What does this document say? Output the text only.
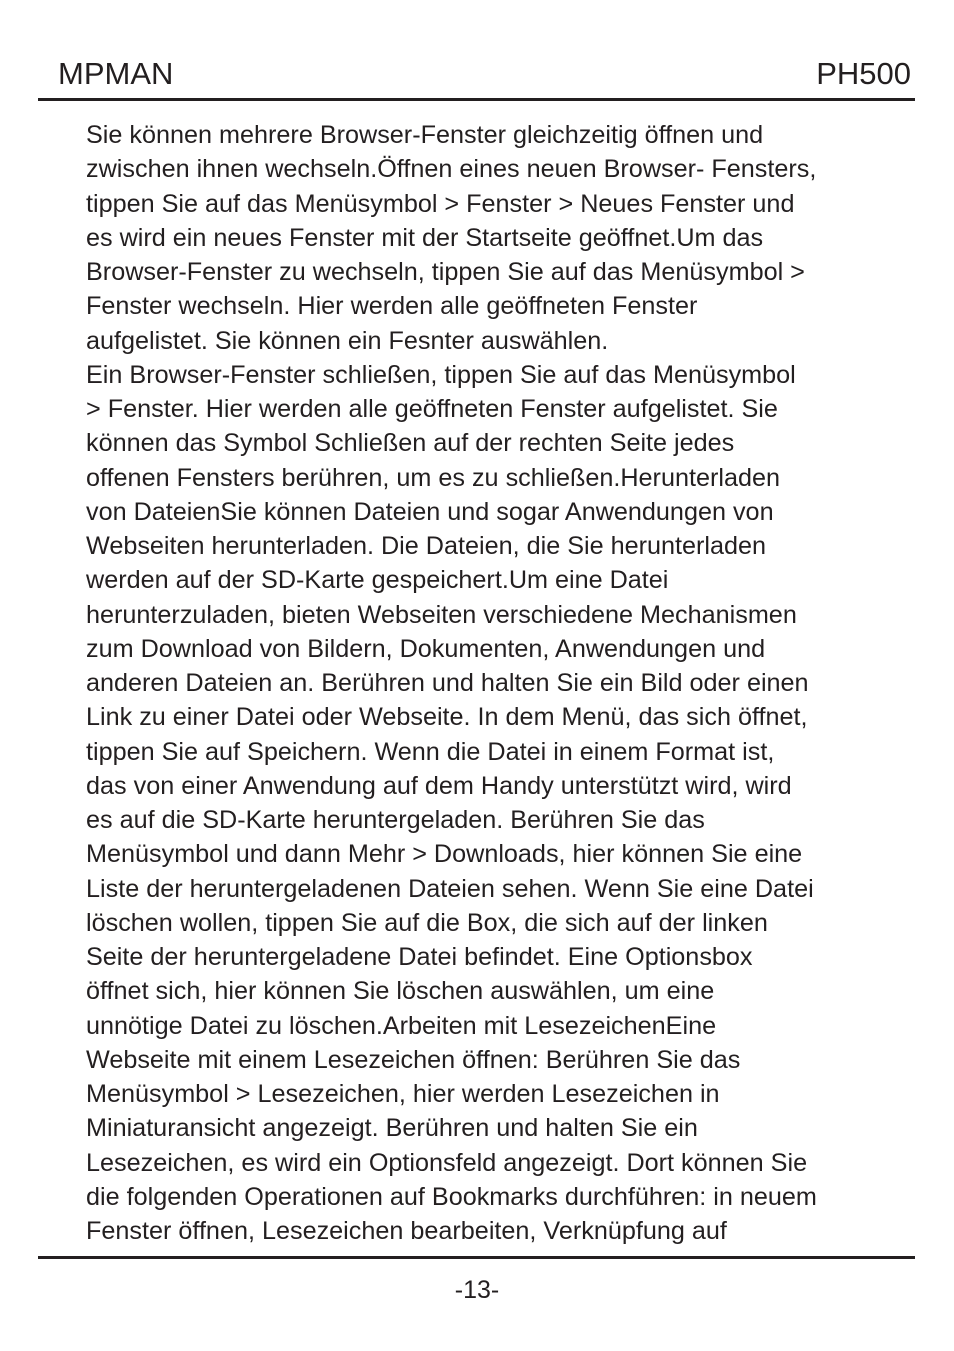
MPMAN	PH500
Sie können mehrere Browser-Fenster gleichzeitig öffnen und
zwischen ihnen wechseln.Öffnen eines neuen Browser- Fensters,
tippen Sie auf das Menüsymbol > Fenster > Neues Fenster und
es wird ein neues Fenster mit der Startseite geöffnet.Um das
Browser-Fenster zu wechseln, tippen Sie auf das Menüsymbol >
Fenster wechseln. Hier werden alle geöffneten Fenster
aufgelistet. Sie können ein Fesnter auswählen.
Ein Browser-Fenster schließen, tippen Sie auf das Menüsymbol
> Fenster. Hier werden alle geöffneten Fenster aufgelistet. Sie
können das Symbol Schließen auf der rechten Seite jedes
offenen Fensters berühren, um es zu schließen.Herunterladen
von DateienSie können Dateien und sogar Anwendungen von
Webseiten herunterladen. Die Dateien, die Sie herunterladen
werden auf der SD-Karte gespeichert.Um eine Datei
herunterzuladen, bieten Webseiten verschiedene Mechanismen
zum Download von Bildern, Dokumenten, Anwendungen und
anderen Dateien an. Berühren und halten Sie ein Bild oder einen
Link zu einer Datei oder Webseite. In dem Menü, das sich öffnet,
tippen Sie auf Speichern. Wenn die Datei in einem Format ist,
das von einer Anwendung auf dem Handy unterstützt wird, wird
es auf die SD-Karte heruntergeladen. Berühren Sie das
Menüsymbol und dann Mehr > Downloads, hier können Sie eine
Liste der heruntergeladenen Dateien sehen. Wenn Sie eine Datei
löschen wollen, tippen Sie auf die Box, die sich auf der linken
Seite der heruntergeladene Datei befindet. Eine Optionsbox
öffnet sich, hier können Sie löschen auswählen, um eine
unnötige Datei zu löschen.Arbeiten mit LesezeichenEine
Webseite mit einem Lesezeichen öffnen: Berühren Sie das
Menüsymbol > Lesezeichen, hier werden Lesezeichen in
Miniaturansicht angezeigt. Berühren und halten Sie ein
Lesezeichen, es wird ein Optionsfeld angezeigt. Dort können Sie
die folgenden Operationen auf Bookmarks durchführen: in neuem
Fenster öffnen, Lesezeichen bearbeiten, Verknüpfung auf
-13-
